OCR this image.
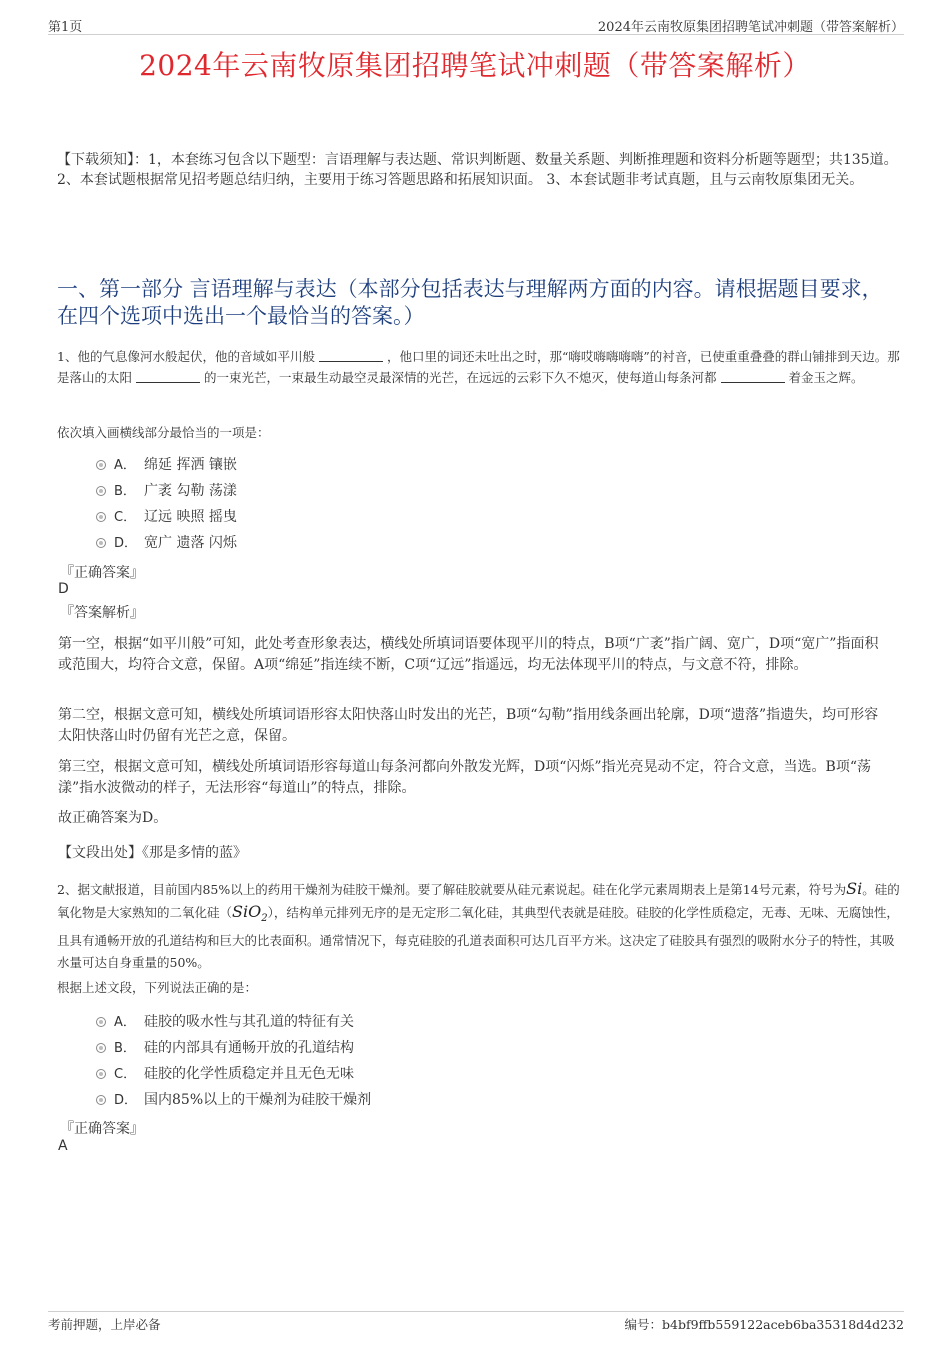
第1页	2024年云南牧原集团招聘笔试冲刺题（带答案解析）
2024年云南牧原集团招聘笔试冲刺题（带答案解析）
【下载须知】：1，本套练习包含以下题型：言语理解与表达题、常识判断题、数量关系题、判断推理题和资料分析题等题型；共135道。 2、本套试题根据常见招考题总结归纳，主要用于练习答题思路和拓展知识面。 3、本套试题非考试真题，且与云南牧原集团无关。
一、第一部分 言语理解与表达（本部分包括表达与理解两方面的内容。请根据题目要求，在四个选项中选出一个最恰当的答案。）
1、他的气息像河水般起伏，他的音域如平川般	，他口里的词还未吐出之时，那“嗨哎嗨嗨嗨嗨”的衬音，已使重重叠叠的群山铺排到天边。那是落山的太阳	的一束光芒，一束最生动最空灵最深情的光芒，在远远的云彩下久不熄灭，使每道山每条河都	着金玉之辉。
依次填入画横线部分最恰当的一项是：
A． 绵延 挥洒 镶嵌
B． 广袤 勾勒 荡漾
C． 辽远 映照 摇曳
D． 宽广 遗落 闪烁
『正确答案』
D
『答案解析』
第一空，根据“如平川般”可知，此处考查形象表达，横线处所填词语要体现平川的特点，B项“广袤”指广阔、宽广，D项“宽广”指面积或范围大，均符合文意，保留。A项“绵延”指连续不断，C项“辽远”指遥远，均无法体现平川的特点，与文意不符，排除。
第二空，根据文意可知，横线处所填词语形容太阳快落山时发出的光芒，B项“勾勒”指用线条画出轮廓，D项“遗落”指遗失，均可形容太阳快落山时仍留有光芒之意，保留。
第三空，根据文意可知，横线处所填词语形容每道山每条河都向外散发光辉，D项“闪烁”指光亮晃动不定，符合文意，当选。B项“荡漾”指水波微动的样子，无法形容“每道山”的特点，排除。
故正确答案为D。
【文段出处】《那是多情的蓝》
2、据文献报道，目前国内85%以上的药用干燥剂为硅胶干燥剂。要了解硅胶就要从硅元素说起。硅在化学元素周期表上是第14号元素，符号为Si。硅的氧化物是大家熟知的二氧化硅（SiO$_2$），结构单元排列无序的是无定形二氧化硅，其典型代表就是硅胶。硅胶的化学性质稳定，无毒、无味、无腐蚀性，且具有通畅开放的孔道结构和巨大的比表面积。通常情况下，每克硅胶的孔道表面积可达几百平方米。这决定了硅胶具有强烈的吸附水分子的特性，其吸水量可达自身重量的50%。
根据上述文段，下列说法正确的是：
A． 硅胶的吸水性与其孔道的特征有关
B． 硅的内部具有通畅开放的孔道结构
C． 硅胶的化学性质稳定并且无色无味
D． 国内85%以上的干燥剂为硅胶干燥剂
『正确答案』
A
考前押题，上岸必备	编号：b4bf9ffb559122aceb6ba35318d4d232
